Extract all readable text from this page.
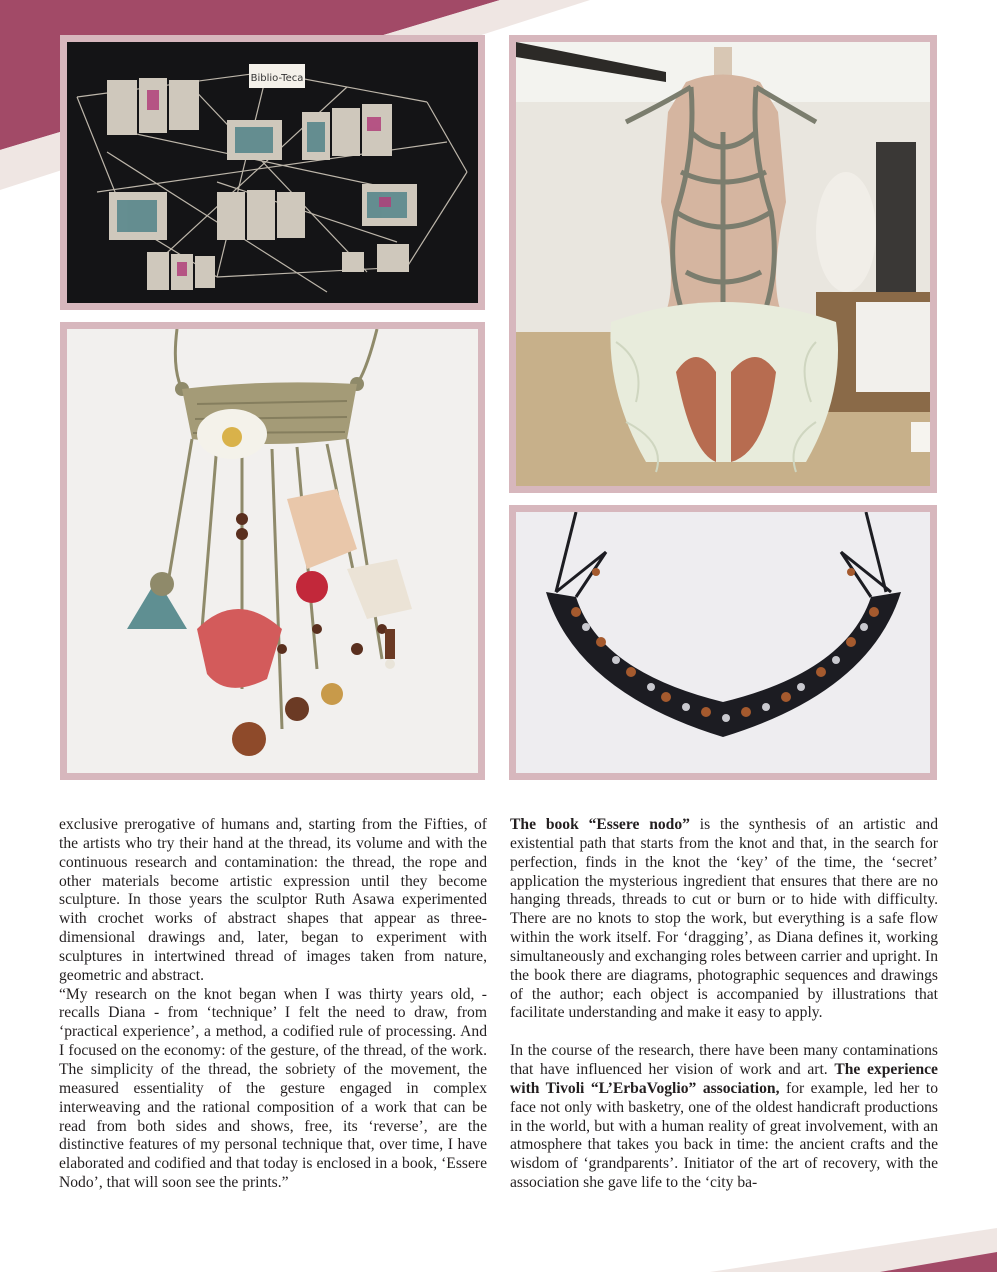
Biblio-Teca

exclusive prerogative of humans and, starting from the Fifties, of the artists who try their hand at the thread, its volume and with the continuous research and contamination: the thread, the rope and other materials become artistic expression until they become sculpture. In those years the sculptor Ruth Asawa experimented with crochet works of abstract shapes that appear as three-dimensional drawings and, later, began to experiment with sculptures in intertwined thread of images taken from nature, geometric and abstract.

“My research on the knot began when I was thirty years old, - recalls Diana - from ‘technique’ I felt the need to draw, from ‘practical experience’, a method, a codified rule of processing. And I focused on the economy: of the gesture, of the thread, of the work. The simplicity of the thread, the sobriety of the movement, the measured essentiality of the gesture engaged in complex interweaving and the rational composition of a work that can be read from both sides and shows, free, its ‘reverse’, are the distinctive features of my personal technique that, over time, I have elaborated and codified and that today is enclosed in a book, ‘Essere Nodo’, that will soon see the prints.”

The book “Essere nodo” is the synthesis of an artistic and existential path that starts from the knot and that, in the search for perfection, finds in the knot the ‘key’ of the time, the ‘secret’ application the mysterious ingredient that ensures that there are no hanging threads, threads to cut or burn or to hide with difficulty. There are no knots to stop the work, but everything is a safe flow within the work itself. For ‘dragging’, as Diana defines it, working simultaneously and exchanging roles between carrier and upright. In the book there are diagrams, photographic sequences and drawings of the author; each object is accompanied by illustrations that facilitate understanding and make it easy to apply.

In the course of the research, there have been many contaminations that have influenced her vision of work and art. The experience with Tivoli “L’ErbaVoglio” association, for example, led her to face not only with basketry, one of the oldest handicraft productions in the world, but with a human reality of great involvement, with an atmosphere that takes you back in time: the ancient crafts and the wisdom of ‘grandparents’. Initiator of the art of recovery, with the association she gave life to the ‘city ba-
